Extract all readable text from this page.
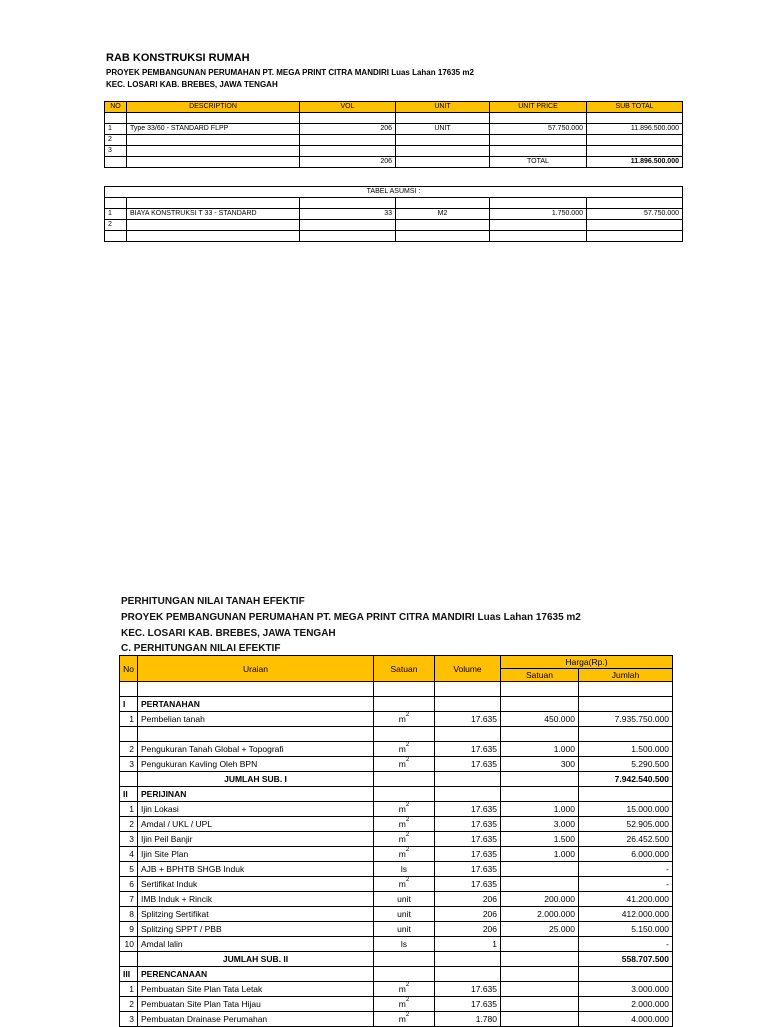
RAB KONSTRUKSI RUMAH
PROYEK PEMBANGUNAN PERUMAHAN PT. MEGA PRINT CITRA MANDIRI Luas Lahan 17635 m2
KEC. LOSARI KAB. BREBES, JAWA TENGAH
NO	DESCRIPTION	VOL	UNIT	UNIT PRICE	SUB TOTAL

1	Type 33/60 - STANDARD FLPP	206	UNIT	57.750.000	11.896.500.000
2					
3					
		206		TOTAL	11.896.500.000
TABEL ASUMSI :					

1	BIAYA KONSTRUKSI T 33 - STANDARD	33	M2	1.750.000	57.750.000
2					

PERHITUNGAN NILAI TANAH EFEKTIF
PROYEK PEMBANGUNAN PERUMAHAN PT. MEGA PRINT CITRA MANDIRI Luas Lahan 17635 m2
KEC. LOSARI KAB. BREBES, JAWA TENGAH
C. PERHITUNGAN NILAI EFEKTIF
No	Uraian	Satuan	Volume	Harga(Rp.)	
				Satuan	Jumlah

I	PERTANAHAN				
1	Pembelian tanah	$m^2$	17.635	450.000	7.935.750.000

2	Pengukuran Tanah Global + Topografi	$m^2$	17.635	1.000	1.500.000
3	Pengukuran Kavling Oleh BPN	$m^2$	17.635	300	5.290.500
	JUMLAH SUB. I				7.942.540.500
II	PERIJINAN				
1	Ijin Lokasi	$m^2$	17.635	1.000	15.000.000
2	Amdal / UKL / UPL	$m^2$	17.635	3.000	52.905.000
3	Ijin Peil Banjir	$m^2$	17.635	1.500	26.452.500
4	Ijin Site Plan	$m^2$	17.635	1.000	6.000.000
5	AJB + BPHTB SHGB Induk	ls	17.635		-
6	Sertifikat Induk	$m^2$	17.635		-
7	IMB Induk + Rincik	unit	206	200.000	41.200.000
8	Splitzing Sertifikat	unit	206	2.000.000	412.000.000
9	Splitzing SPPT / PBB	unit	206	25.000	5.150.000
10	Amdal lalin	ls	1		-
	JUMLAH SUB. II				558.707.500
III	PERENCANAAN				
1	Pembuatan Site Plan Tata Letak	$m^2$	17.635		3.000.000
2	Pembuatan Site Plan Tata Hijau	$m^2$	17.635		2.000.000
3	Pembuatan Drainase Perumahan	$m^2$	1.780		4.000.000
